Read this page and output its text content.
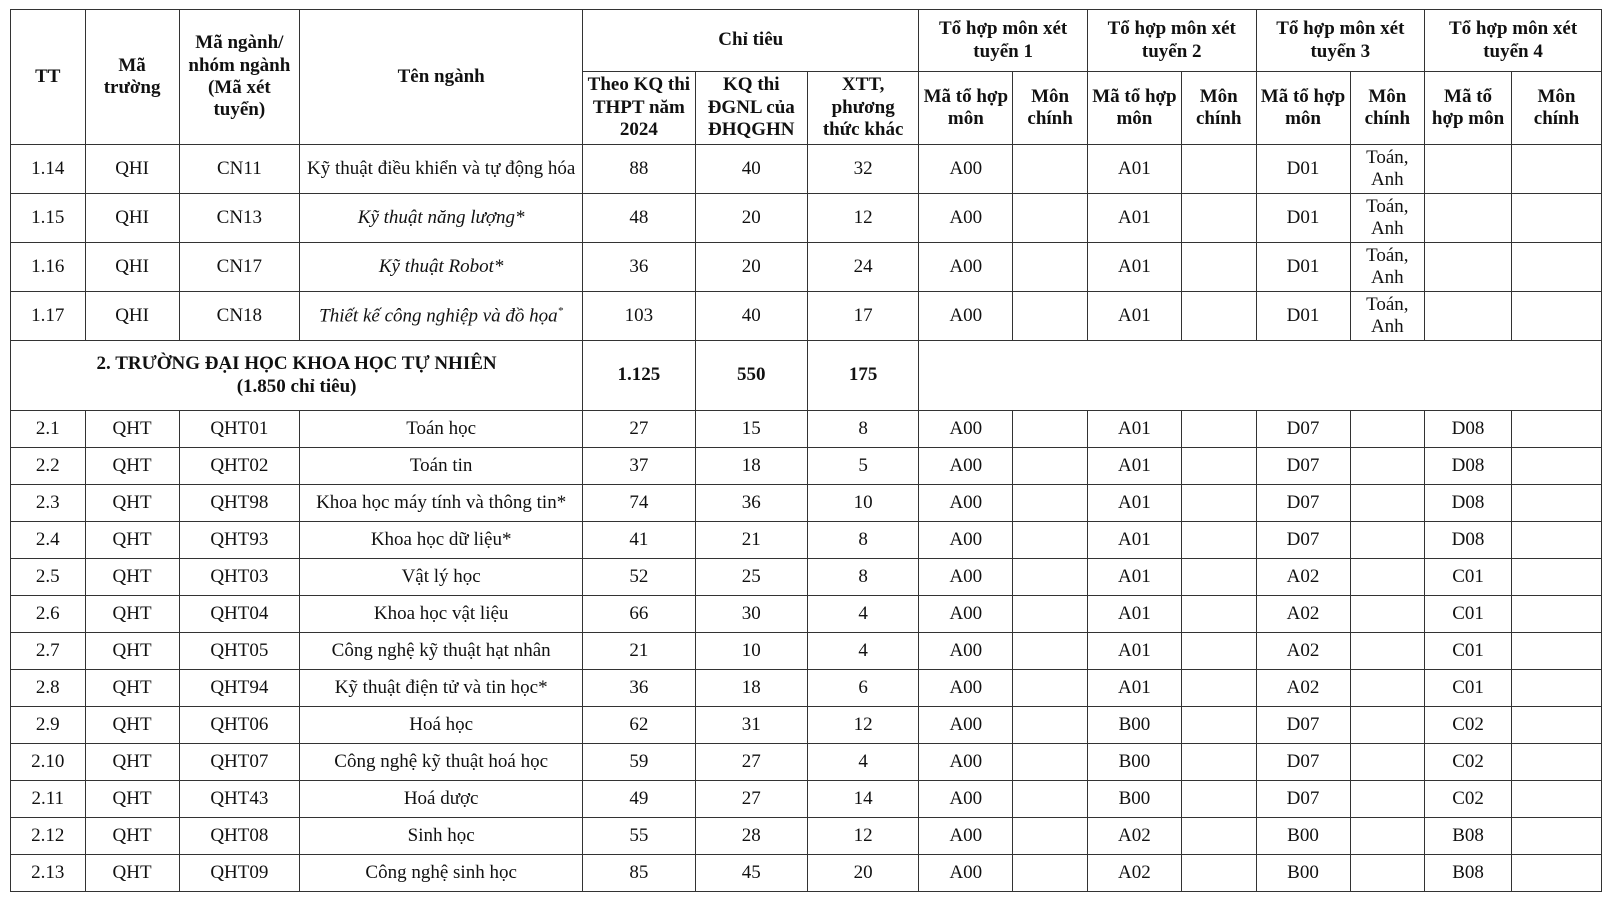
TT	Mã trường	Mã ngành/ nhóm ngành (Mã xét tuyển)	Tên ngành	Chỉ tiêu			Tổ hợp môn xét tuyển 1		Tổ hợp môn xét tuyển 2		Tổ hợp môn xét tuyển 3		Tổ hợp môn xét tuyển 4	
				Theo KQ thi THPT năm 2024	KQ thi ĐGNL của ĐHQGHN	XTT, phương thức khác	Mã tổ hợp môn	Môn chính	Mã tổ hợp môn	Môn chính	Mã tổ hợp môn	Môn chính	Mã tổ hợp môn	Môn chính
1.14	QHI	CN11	Kỹ thuật điều khiển và tự động hóa	88	40	32	A00		A01		D01	Toán, Anh		
1.15	QHI	CN13	Kỹ thuật năng lượng*	48	20	12	A00		A01		D01	Toán, Anh		
1.16	QHI	CN17	Kỹ thuật Robot*	36	20	24	A00		A01		D01	Toán, Anh		
1.17	QHI	CN18	Thiết kế công nghiệp và đồ họa*	103	40	17	A00		A01		D01	Toán, Anh		

2. TRƯỜNG ĐẠI HỌC KHOA HỌC TỰ NHIÊN
(1.850 chỉ tiêu)				1.125	550	175								
2.1	QHT	QHT01	Toán học	27	15	8	A00		A01		D07		D08	
2.2	QHT	QHT02	Toán tin	37	18	5	A00		A01		D07		D08	
2.3	QHT	QHT98	Khoa học máy tính và thông tin*	74	36	10	A00		A01		D07		D08	
2.4	QHT	QHT93	Khoa học dữ liệu*	41	21	8	A00		A01		D07		D08	
2.5	QHT	QHT03	Vật lý học	52	25	8	A00		A01		A02		C01	
2.6	QHT	QHT04	Khoa học vật liệu	66	30	4	A00		A01		A02		C01	
2.7	QHT	QHT05	Công nghệ kỹ thuật hạt nhân	21	10	4	A00		A01		A02		C01	
2.8	QHT	QHT94	Kỹ thuật điện tử và tin học*	36	18	6	A00		A01		A02		C01	
2.9	QHT	QHT06	Hoá học	62	31	12	A00		B00		D07		C02	
2.10	QHT	QHT07	Công nghệ kỹ thuật hoá học	59	27	4	A00		B00		D07		C02	
2.11	QHT	QHT43	Hoá dược	49	27	14	A00		B00		D07		C02	
2.12	QHT	QHT08	Sinh học	55	28	12	A00		A02		B00		B08	
2.13	QHT	QHT09	Công nghệ sinh học	85	45	20	A00		A02		B00		B08	
